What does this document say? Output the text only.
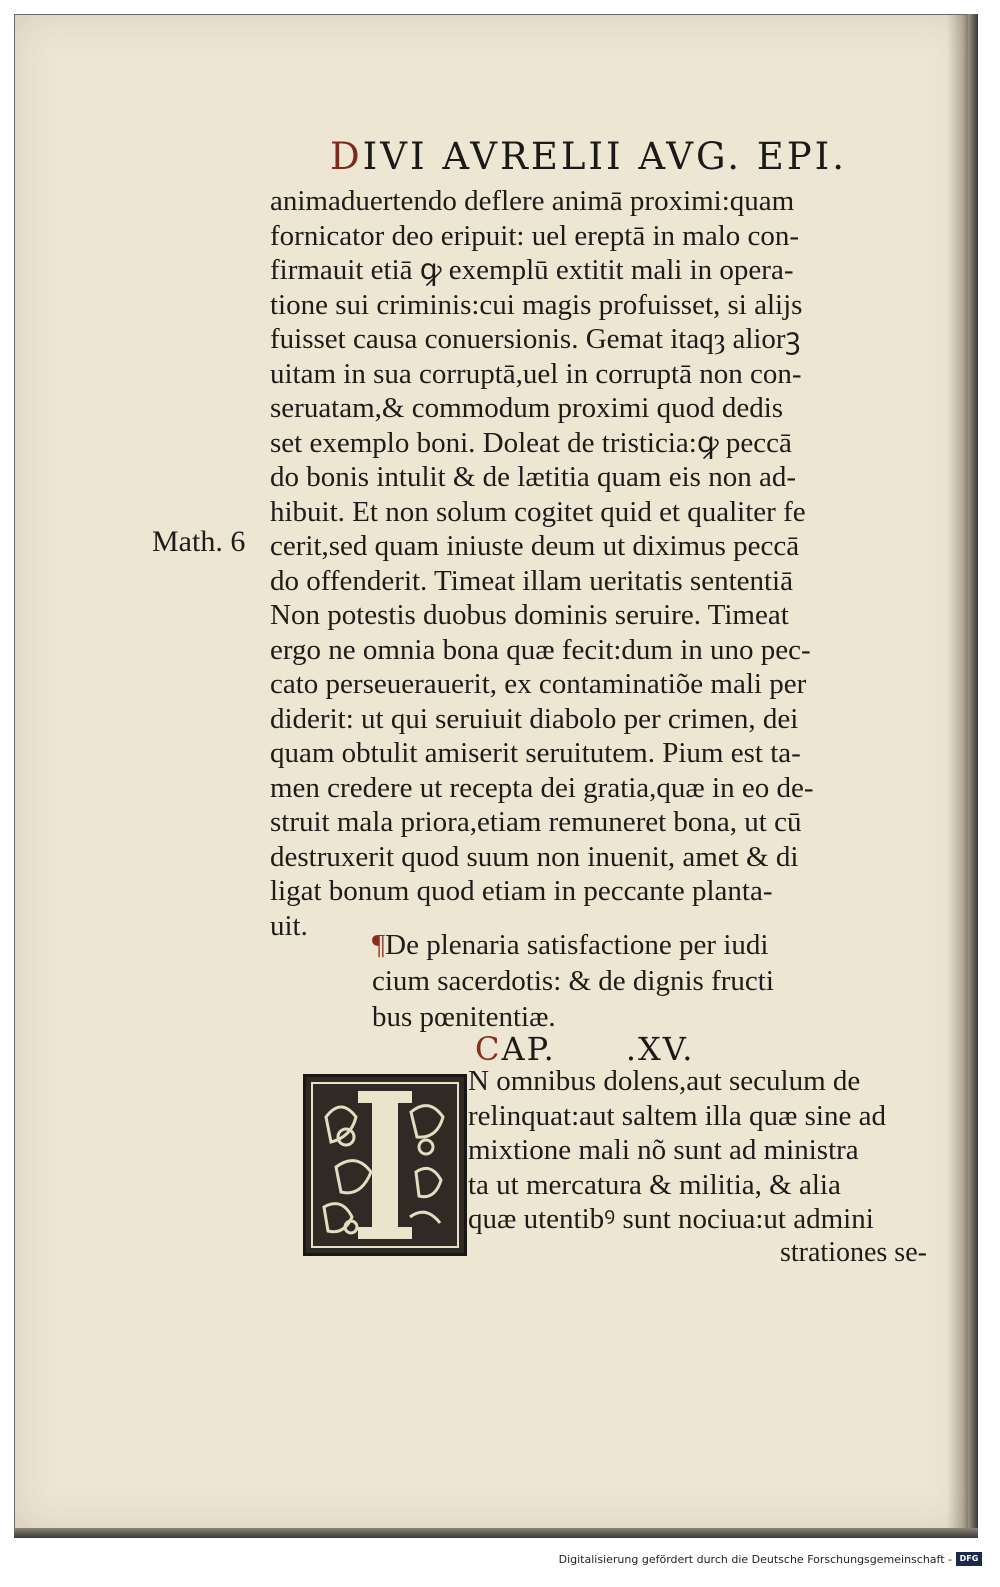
DIVI AVRELII AVG. EPI.
animaduertendo deflere animā proximi:quam
fornicator deo eripuit: uel ereptā in malo con-
firmauit etiā ꝙ exemplū extitit mali in opera-
tione sui criminis:cui magis profuisset, si alijs
fuisset causa conuersionis. Gemat itaqȝ aliorꝫ
uitam in sua corruptā,uel in corruptā non con-
seruatam,& commodum proximi quod dedis
set exemplo boni. Doleat de tristicia:ꝙ peccā
do bonis intulit & de lætitia quam eis non ad-
hibuit. Et non solum cogitet quid et qualiter fe
cerit,sed quam iniuste deum ut diximus peccā
do offenderit. Timeat illam ueritatis sententiā
Non potestis duobus dominis seruire. Timeat
ergo ne omnia bona quæ fecit:dum in uno pec-
cato perseuerauerit, ex contaminatiõe mali per
diderit: ut qui seruiuit diabolo per crimen, dei
quam obtulit amiserit seruitutem. Pium est ta-
men credere ut recepta dei gratia,quæ in eo de-
struit mala priora,etiam remuneret bona, ut cū
destruxerit quod suum non inuenit, amet & di
ligat bonum quod etiam in peccante planta-
uit.
Math. 6
¶De plenaria satisfactione per iudi
cium sacerdotis: & de dignis fructi
bus pœnitentiæ.
CAP. .XV.
N omnibus dolens,aut seculum de
relinquat:aut saltem illa quæ sine ad
mixtione mali nõ sunt ad ministra
ta ut mercatura & militia, & alia
quæ utentibꝰ sunt nociua:ut admini
strationes se-
Digitalisierung gefördert durch die Deutsche Forschungsgemeinschaft - DFG
